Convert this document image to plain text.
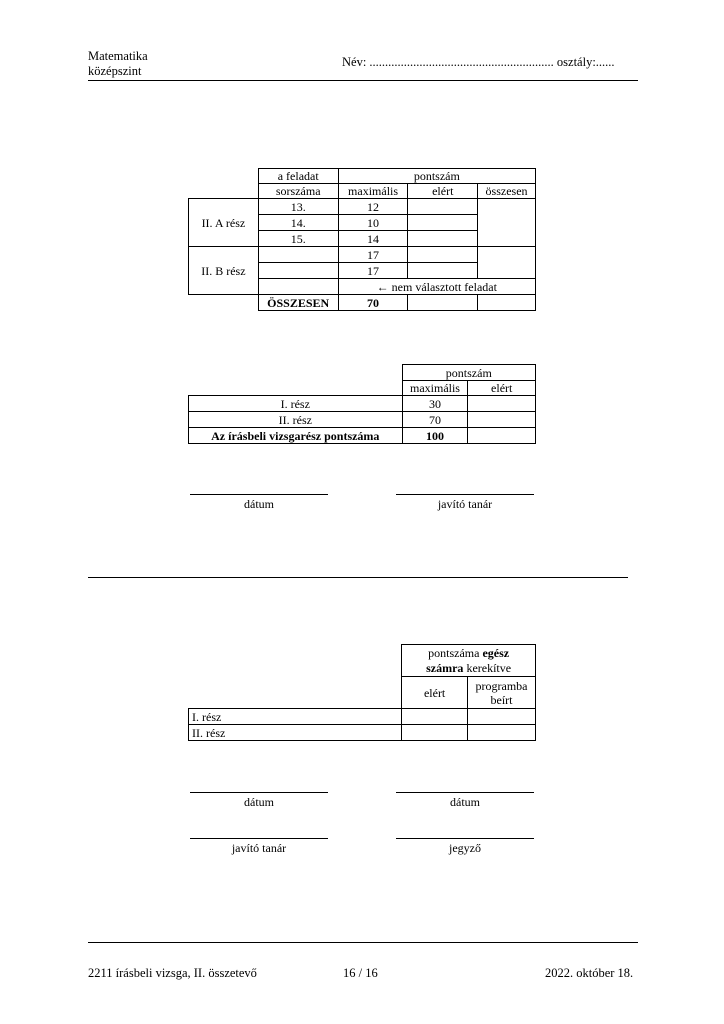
Matematika
középszint
Név: ........................................................... osztály:......
	a feladat	pontszám		
	sorszáma	maximális	elért	összesen
II. A rész	13.	12		
	14.	10		
	15.	14		
II. B rész		17		
		17		
		← nem választott feladat		
	ÖSSZESEN	70		
	pontszám	
	maximális	elért
I. rész	30	
II. rész	70	
Az írásbeli vizsgarész pontszáma	100	
dátum	javító tanár
	pontszáma egész
számra kerekítve	
	elért	programba
beírt
I. rész		
II. rész		
dátum	dátum
javító tanár	jegyző
2211 írásbeli vizsga, II. összetevő	16 / 16	2022. október 18.
